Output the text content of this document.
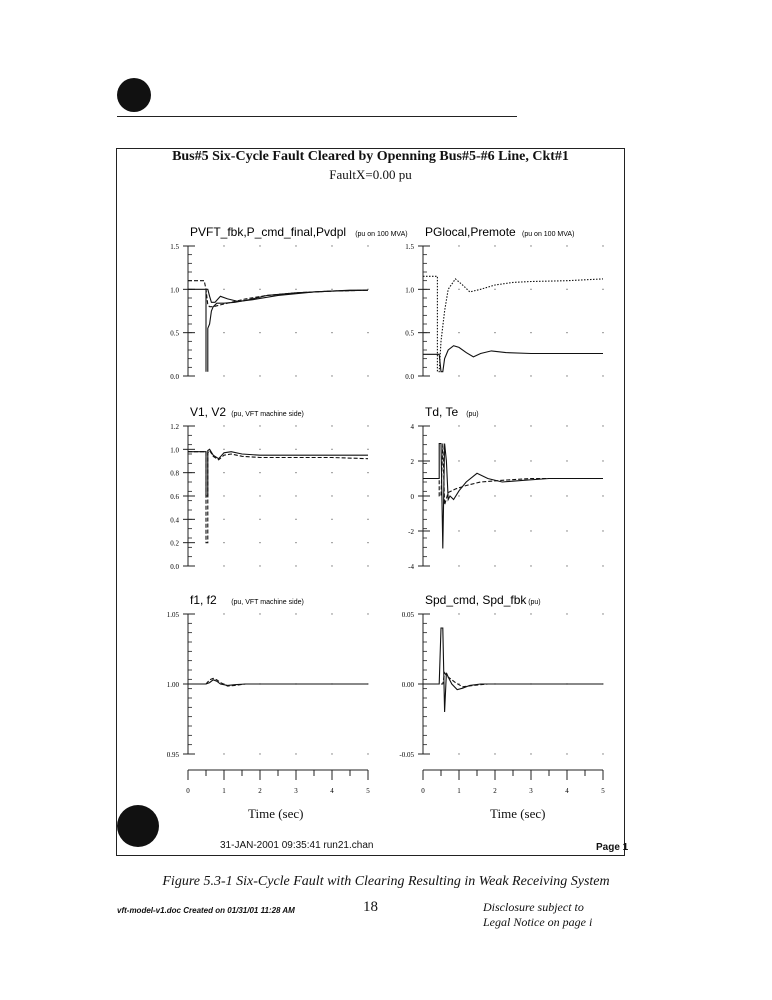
Bus#5 Six-Cycle Fault Cleared by Openning Bus#5-#6 Line, Ckt#1
FaultX=0.00 pu
PVFT_fbk,P_cmd_final,Pvdpl (pu on 100 MVA)
0.0
0.5
1.0
1.5
PGlocal,Premote (pu on 100 MVA)
0.0
0.5
1.0
1.5
V1, V2 (pu, VFT machine side)
0.0
0.2
0.4
0.6
0.8
1.0
1.2
Td, Te (pu)
-4
-2
0
2
4
f1, f2 (pu, VFT machine side)
0.95
1.00
1.05
Spd_cmd, Spd_fbk (pu)
-0.05
0.00
0.05
0	1	2	3	4	5	0	1	2	3	4	5
Time (sec)	Time (sec)
31-JAN-2001 09:35:41 run21.chan	Page 1
Figure 5.3-1 Six-Cycle Fault with Clearing Resulting in Weak Receiving System
vft-model-v1.doc Created on 01/31/01 11:28 AM	18	Disclosure subject to
Legal Notice on page i
